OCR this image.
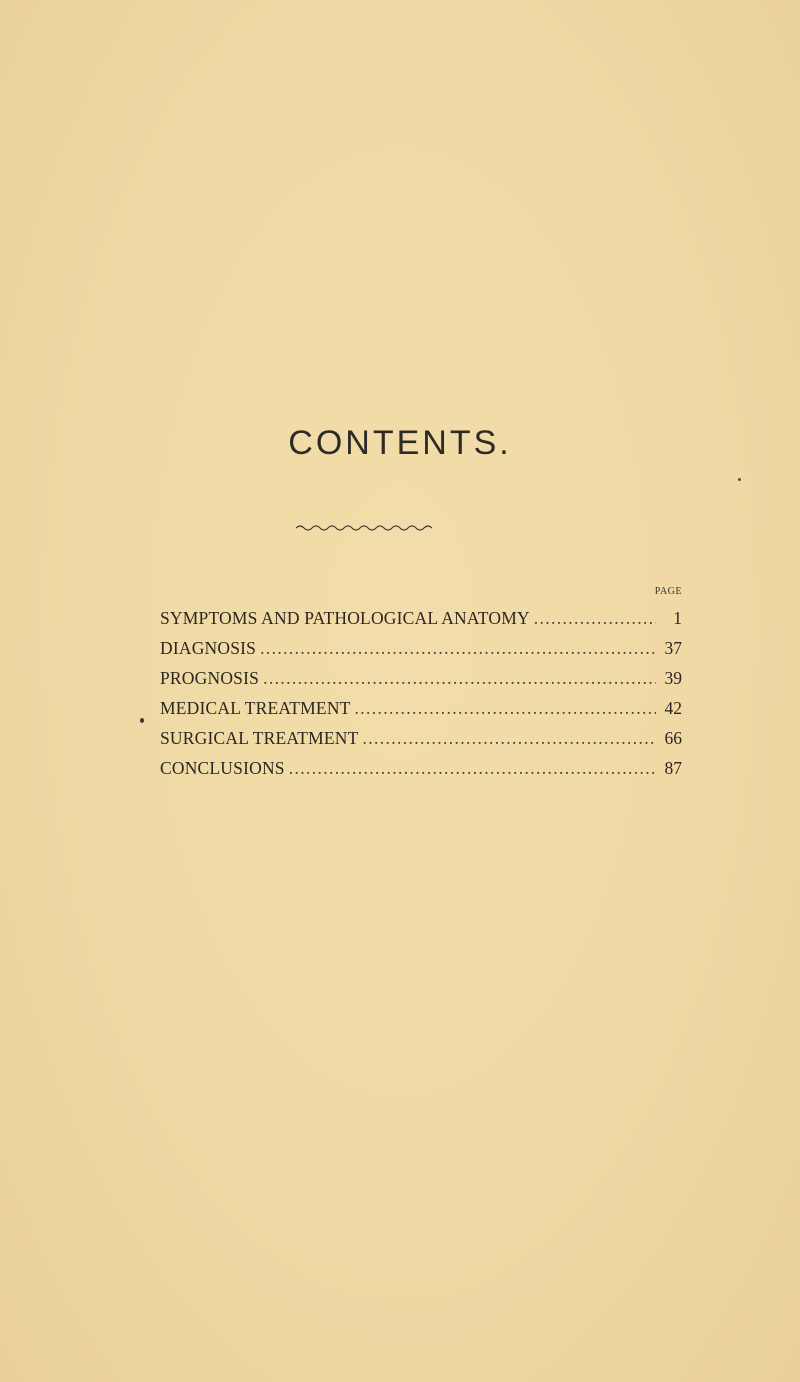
CONTENTS.
PAGE
SYMPTOMS AND PATHOLOGICAL ANATOMY . . .	1
DIAGNOSIS . . .	37
PROGNOSIS . . .	39
MEDICAL TREATMENT . . .	42
SURGICAL TREATMENT . . .	66
CONCLUSIONS . . .	87
